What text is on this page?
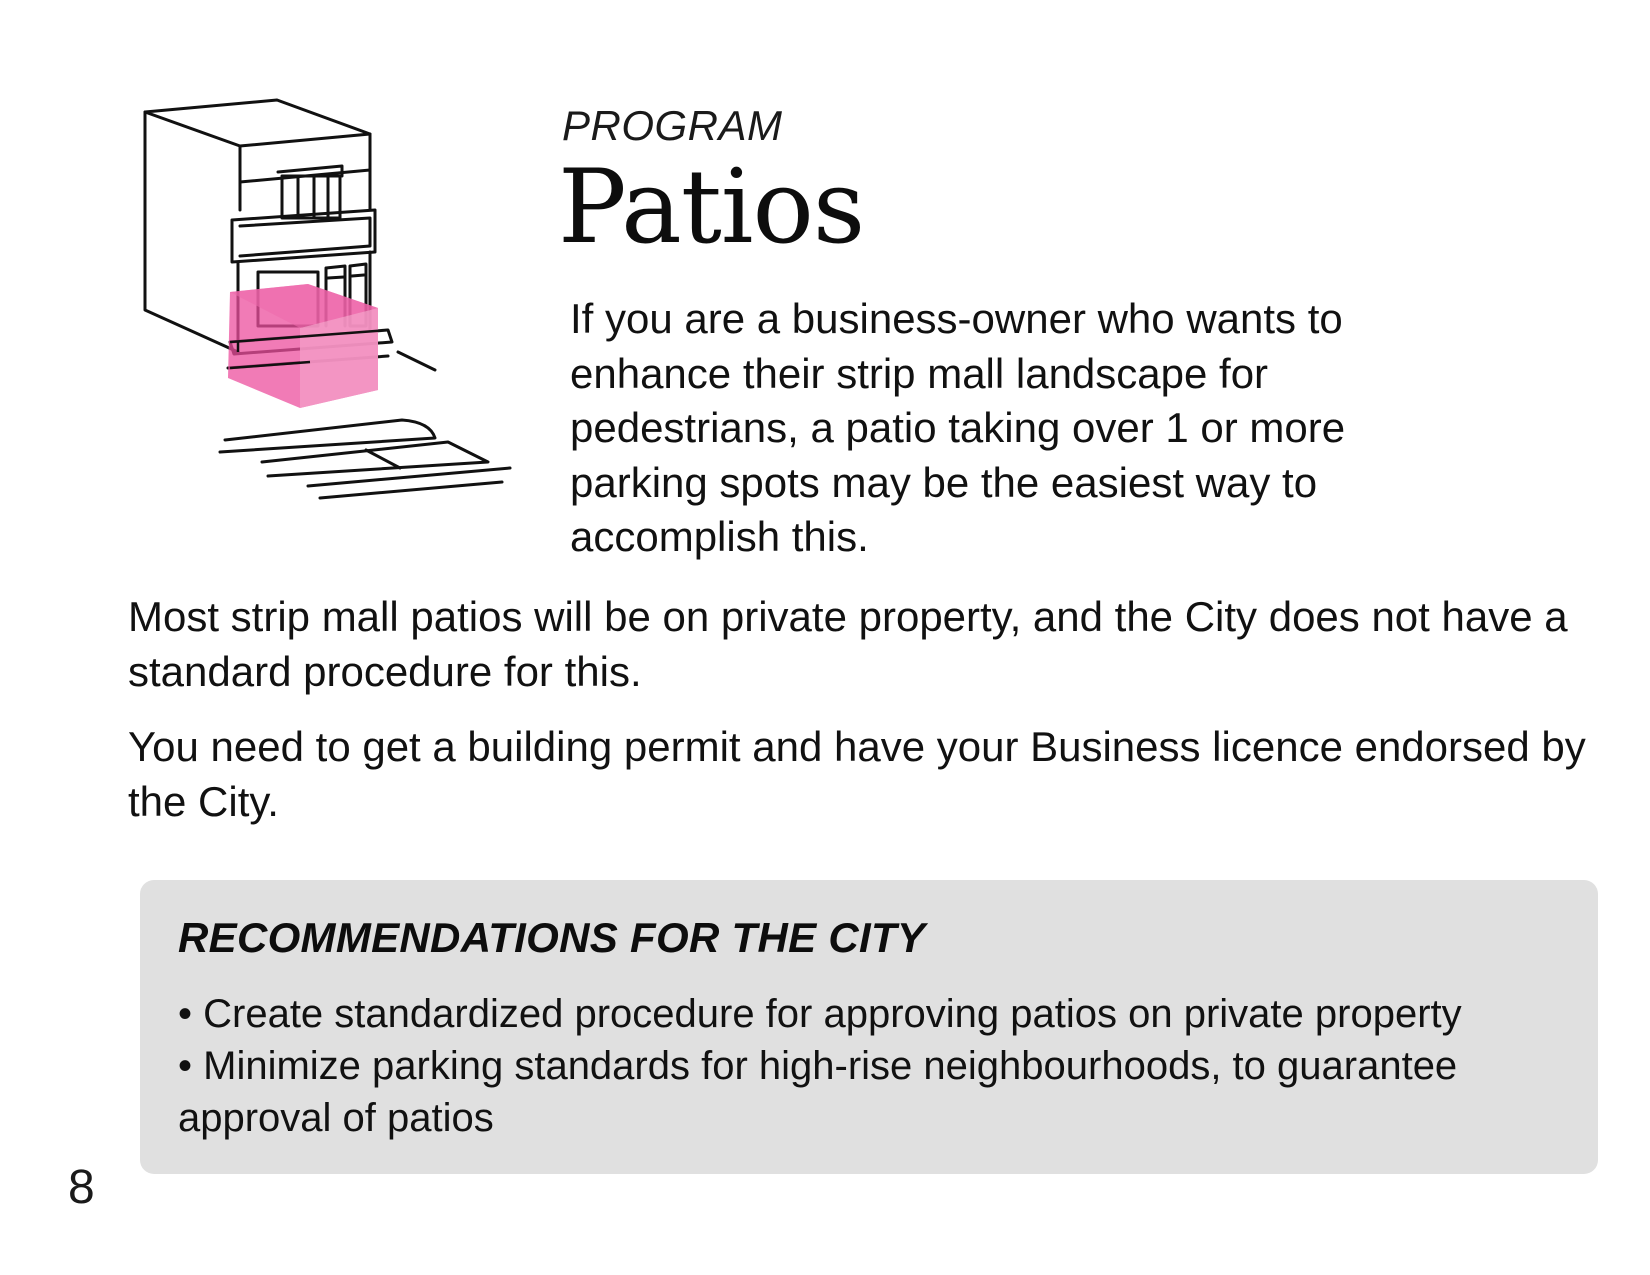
PROGRAM
Patios

If you are a business-owner who wants to enhance their strip mall landscape for pedestrians, a patio taking over 1 or more parking spots may be the easiest way to accomplish this.

Most strip mall patios will be on private property, and the City does not have a standard procedure for this.

You need to get a building permit and have your Business licence endorsed by the City.

RECOMMENDATIONS FOR THE CITY
• Create standardized procedure for approving patios on private property
• Minimize parking standards for high-rise neighbourhoods, to guarantee approval of patios
8
